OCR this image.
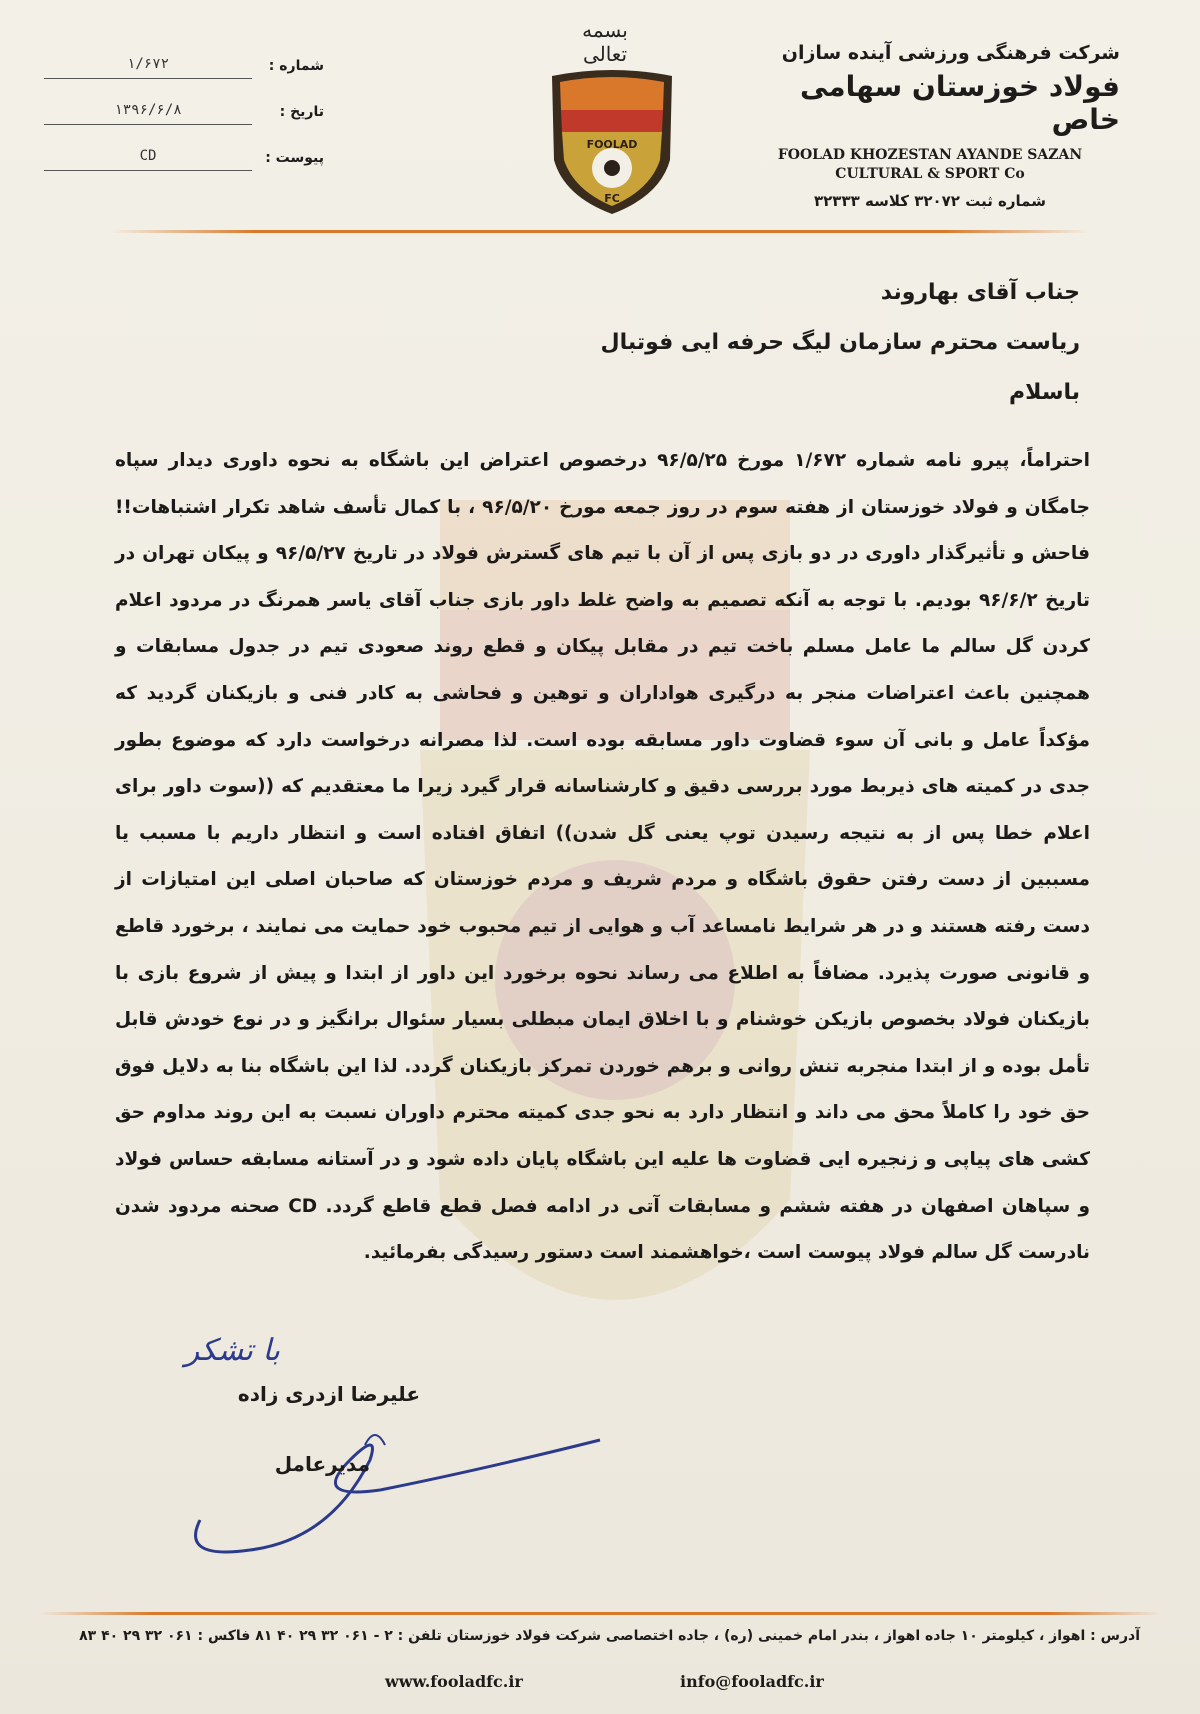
شماره :
۱/۶۷۲
تاریخ :
۱۳۹۶/۶/۸
پیوست :
CD
بسمه تعالی
FOOLAD
FC
شرکت فرهنگی ورزشی آینده سازان
فولاد خوزستان سهامی خاص
FOOLAD KHOZESTAN AYANDE SAZAN
CULTURAL & SPORT Co
شماره ثبت ۳۲۰۷۲ کلاسه ۳۲۳۳۳
جناب آقای بهاروند
ریاست محترم سازمان لیگ حرفه ایی فوتبال
باسلام
احتراماً، پیرو نامه شماره ۱/۶۷۲ مورخ ۹۶/۵/۲۵ درخصوص اعتراض این باشگاه به نحوه داوری دیدار سپاه جامگان و فولاد خوزستان از هفته سوم در روز جمعه مورخ ۹۶/۵/۲۰ ، با کمال تأسف شاهد تکرار اشتباهات!! فاحش و تأثیرگذار داوری در دو بازی پس از آن با تیم های گسترش فولاد در تاریخ ۹۶/۵/۲۷ و پیکان تهران در تاریخ ۹۶/۶/۲ بودیم. با توجه به آنکه تصمیم به واضح غلط داور بازی جناب آقای یاسر همرنگ در مردود اعلام کردن گل سالم ما عامل مسلم باخت تیم در مقابل پیکان و قطع روند صعودی تیم در جدول مسابقات و همچنین باعث اعتراضات منجر به درگیری هواداران و توهین و فحاشی به کادر فنی و بازیکنان گردید که مؤکداً عامل و بانی آن سوء قضاوت داور مسابقه بوده است. لذا مصرانه درخواست دارد که موضوع بطور جدی در کمیته های ذیربط مورد بررسی دقیق و کارشناسانه قرار گیرد زیرا ما معتقدیم که ((سوت داور برای اعلام خطا پس از به نتیجه رسیدن توپ یعنی گل شدن)) اتفاق افتاده است و انتظار داریم با مسبب یا مسببین از دست رفتن حقوق باشگاه و مردم شریف و مردم خوزستان که صاحبان اصلی این امتیازات از دست رفته هستند و در هر شرایط نامساعد آب و هوایی از تیم محبوب خود حمایت می نمایند ، برخورد قاطع و قانونی صورت پذیرد. مضافاً به اطلاع می رساند نحوه برخورد این داور از ابتدا و پیش از شروع بازی با بازیکنان فولاد بخصوص بازیکن خوشنام و با اخلاق ایمان مبطلی بسیار سئوال برانگیز و در نوع خودش قابل تأمل بوده و از ابتدا منجربه تنش روانی و برهم خوردن تمرکز بازیکنان گردد. لذا این باشگاه بنا به دلایل فوق حق خود را کاملاً محق می داند و انتظار دارد به نحو جدی کمیته محترم داوران نسبت به این روند مداوم حق کشی های پیاپی و زنجیره ایی قضاوت ها علیه این باشگاه پایان داده شود و در آستانه مسابقه حساس فولاد و سپاهان اصفهان در هفته ششم و مسابقات آتی در ادامه فصل قطع قاطع گردد. CD صحنه مردود شدن نادرست گل سالم فولاد پیوست است ،خواهشمند است دستور رسیدگی بفرمائید.
با تشکر
علیرضا ازدری زاده
مدیرعامل
آدرس : اهواز ، کیلومتر ۱۰ جاده اهواز ، بندر امام خمینی (ره) ، جاده اختصاصی شرکت فولاد خوزستان تلفن : ۲ - ۰۶۱ ۳۲ ۲۹ ۴۰ ۸۱ فاکس : ۰۶۱ ۳۲ ۲۹ ۴۰ ۸۳
www.fooladfc.ir	info@fooladfc.ir
